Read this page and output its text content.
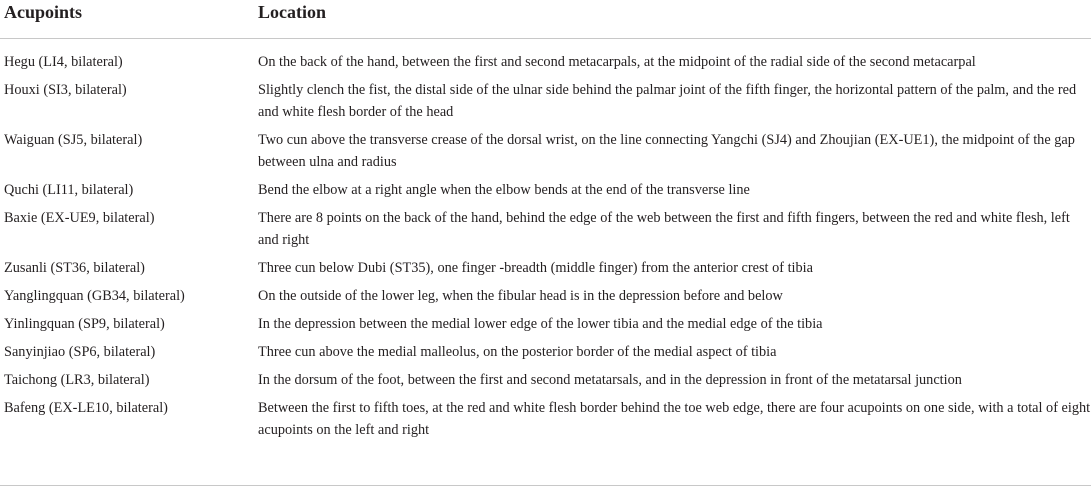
Acupoints	Location

Hegu (LI4, bilateral)	On the back of the hand, between the first and second metacarpals, at the midpoint of the radial side of the second metacarpal
Houxi (SI3, bilateral)	Slightly clench the fist, the distal side of the ulnar side behind the palmar joint of the fifth finger, the horizontal pattern of the palm, and the red and white flesh border of the head
Waiguan (SJ5, bilateral)	Two cun above the transverse crease of the dorsal wrist, on the line connecting Yangchi (SJ4) and Zhoujian (EX-UE1), the midpoint of the gap between ulna and radius
Quchi (LI11, bilateral)	Bend the elbow at a right angle when the elbow bends at the end of the transverse line
Baxie (EX-UE9, bilateral)	There are 8 points on the back of the hand, behind the edge of the web between the first and fifth fingers, between the red and white flesh, left and right
Zusanli (ST36, bilateral)	Three cun below Dubi (ST35), one finger -breadth (middle finger) from the anterior crest of tibia
Yanglingquan (GB34, bilateral)	On the outside of the lower leg, when the fibular head is in the depression before and below
Yinlingquan (SP9, bilateral)	In the depression between the medial lower edge of the lower tibia and the medial edge of the tibia
Sanyinjiao (SP6, bilateral)	Three cun above the medial malleolus, on the posterior border of the medial aspect of tibia
Taichong (LR3, bilateral)	In the dorsum of the foot, between the first and second metatarsals, and in the depression in front of the metatarsal junction
Bafeng (EX-LE10, bilateral)	Between the first to fifth toes, at the red and white flesh border behind the toe web edge, there are four acupoints on one side, with a total of eight acupoints on the left and right
